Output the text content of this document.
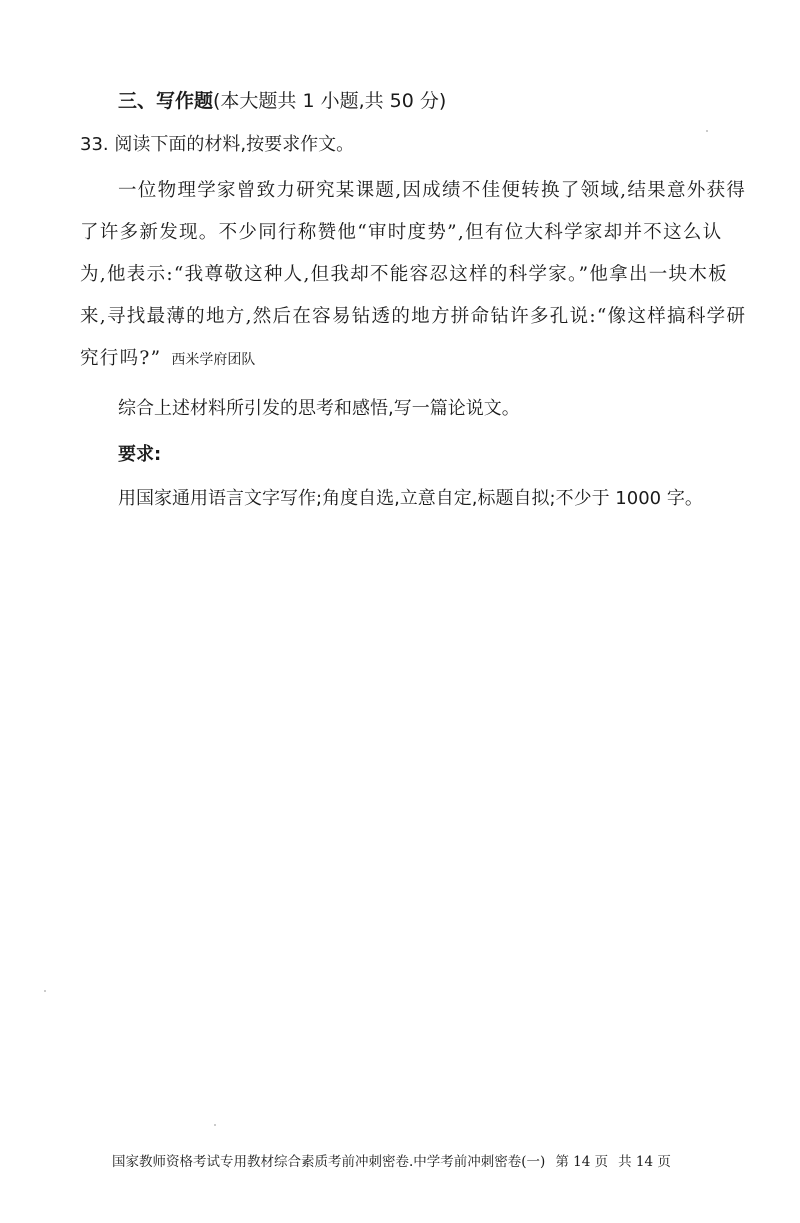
三、写作题(本大题共 1 小题,共 50 分)
33. 阅读下面的材料,按要求作文。
一位物理学家曾致力研究某课题,因成绩不佳便转换了领域,结果意外获得
了许多新发现。不少同行称赞他“审时度势”,但有位大科学家却并不这么认
为,他表示:“我尊敬这种人,但我却不能容忍这样的科学家。”他拿出一块木板
来,寻找最薄的地方,然后在容易钻透的地方拼命钻许多孔说:“像这样搞科学研
究行吗?” 西米学府团队
综合上述材料所引发的思考和感悟,写一篇论说文。
要求:
用国家通用语言文字写作;角度自选,立意自定,标题自拟;不少于 1000 字。
国家教师资格考试专用教材综合素质考前冲刺密卷.中学考前冲刺密卷(一) 第 14 页 共 14 页
